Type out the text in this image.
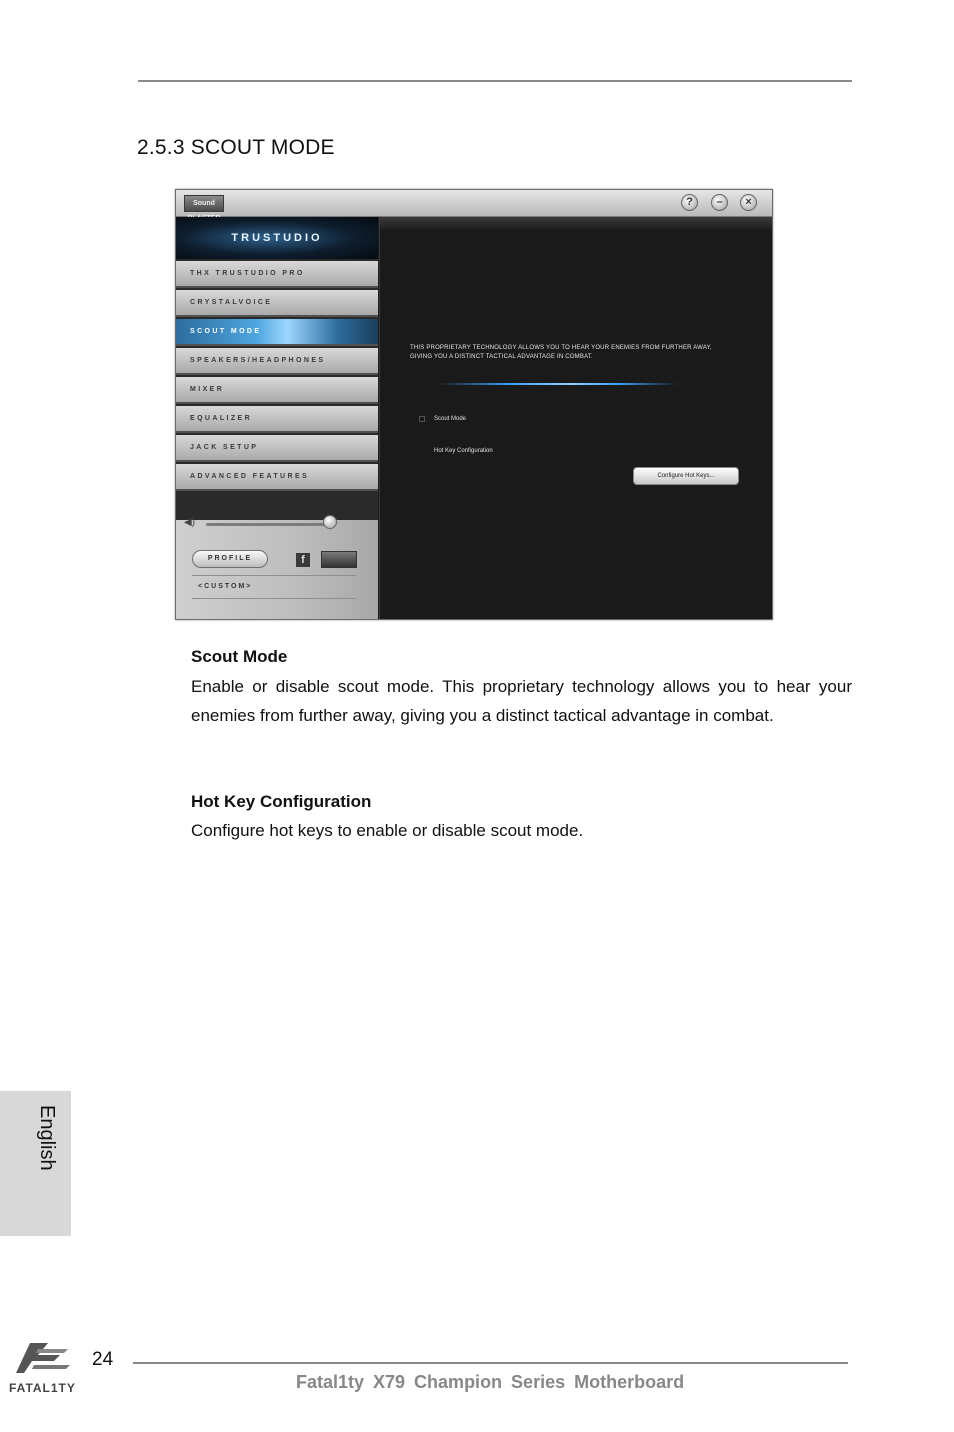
2.5.3 SCOUT MODE
Sound	?	–	×
TRUSTUDIO
THX TRUSTUDIO PRO
CRYSTALVOICE
SCOUT MODE
SPEAKERS/HEADPHONES
MIXER
EQUALIZER
JACK SETUP
ADVANCED FEATURES
PROFILE	f
<CUSTOM>
◀)
THIS PROPRIETARY TECHNOLOGY ALLOWS YOU TO HEAR YOUR ENEMIES FROM FURTHER AWAY, GIVING YOU A DISTINCT TACTICAL ADVANTAGE IN COMBAT.
Scout Mode
Hot Key Configuration
Configure Hot Keys...
Scout Mode
Enable or disable scout mode. This proprietary technology allows you to hear your enemies from further away, giving you a distinct tactical advantage in combat.
Hot Key Configuration
Configure hot keys to enable or disable scout mode.
English
FATAL1TY
24
Fatal1ty X79 Champion Series Motherboard
